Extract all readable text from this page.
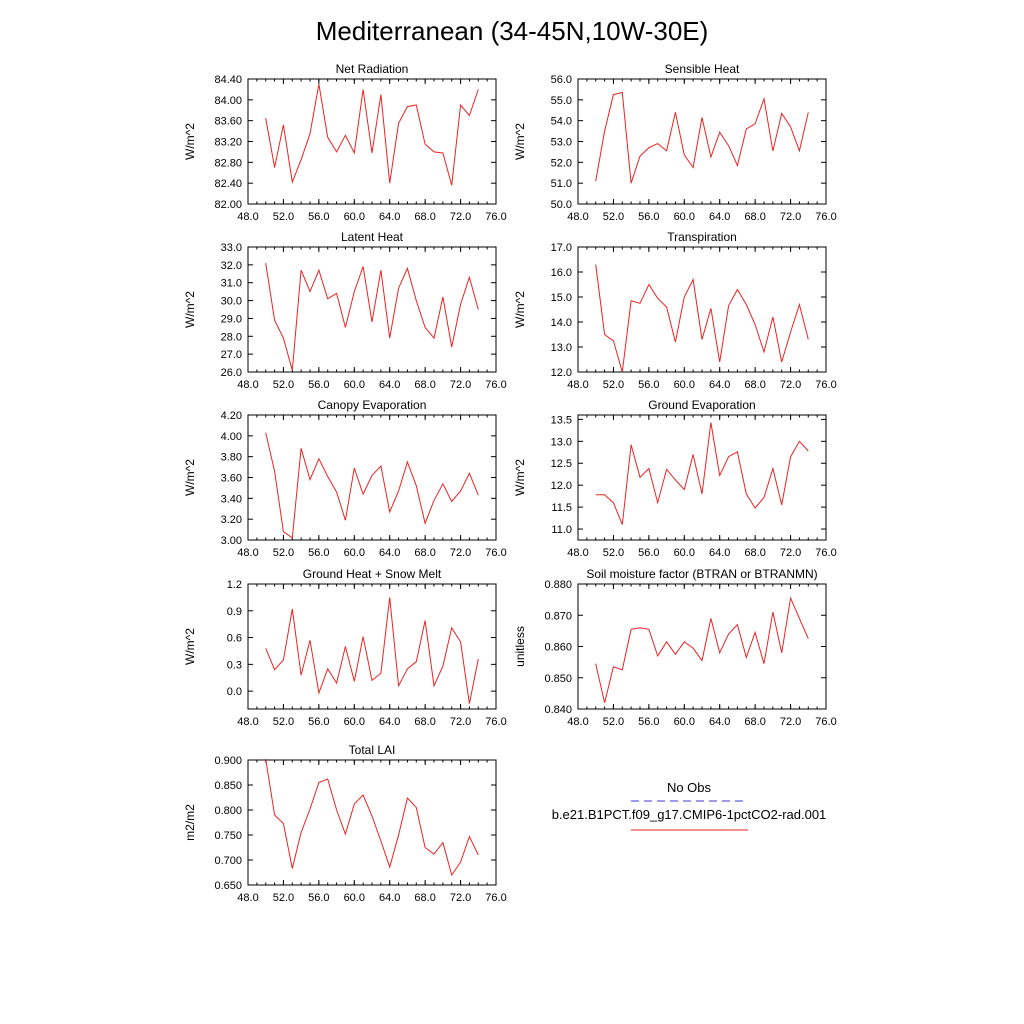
Mediterranean (34-45N,10W-30E)
Net Radiation
W/m^2
48.0 52.0 56.0 60.0 64.0 68.0 72.0 76.0
82.00
82.40
82.80
83.20
83.60
84.00
84.40
Sensible Heat
W/m^2
48.0 52.0 56.0 60.0 64.0 68.0 72.0 76.0
50.0
51.0
52.0
53.0
54.0
55.0
56.0
Latent Heat
W/m^2
48.0 52.0 56.0 60.0 64.0 68.0 72.0 76.0
26.0
27.0
28.0
29.0
30.0
31.0
32.0
33.0
Transpiration
W/m^2
48.0 52.0 56.0 60.0 64.0 68.0 72.0 76.0
12.0
13.0
14.0
15.0
16.0
17.0
Canopy Evaporation
W/m^2
48.0 52.0 56.0 60.0 64.0 68.0 72.0 76.0
3.00
3.20
3.40
3.60
3.80
4.00
4.20
Ground Evaporation
W/m^2
48.0 52.0 56.0 60.0 64.0 68.0 72.0 76.0
11.0
11.5
12.0
12.5
13.0
13.5
Ground Heat + Snow Melt
W/m^2
48.0 52.0 56.0 60.0 64.0 68.0 72.0 76.0
0.0
0.3
0.6
0.9
1.2
Soil moisture factor (BTRAN or BTRANMN)
unitless
48.0 52.0 56.0 60.0 64.0 68.0 72.0 76.0
0.840
0.850
0.860
0.870
0.880
Total LAI
m2/m2
48.0 52.0 56.0 60.0 64.0 68.0 72.0 76.0
0.650
0.700
0.750
0.800
0.850
0.900
No Obs
b.e21.B1PCT.f09_g17.CMIP6-1pctCO2-rad.001
